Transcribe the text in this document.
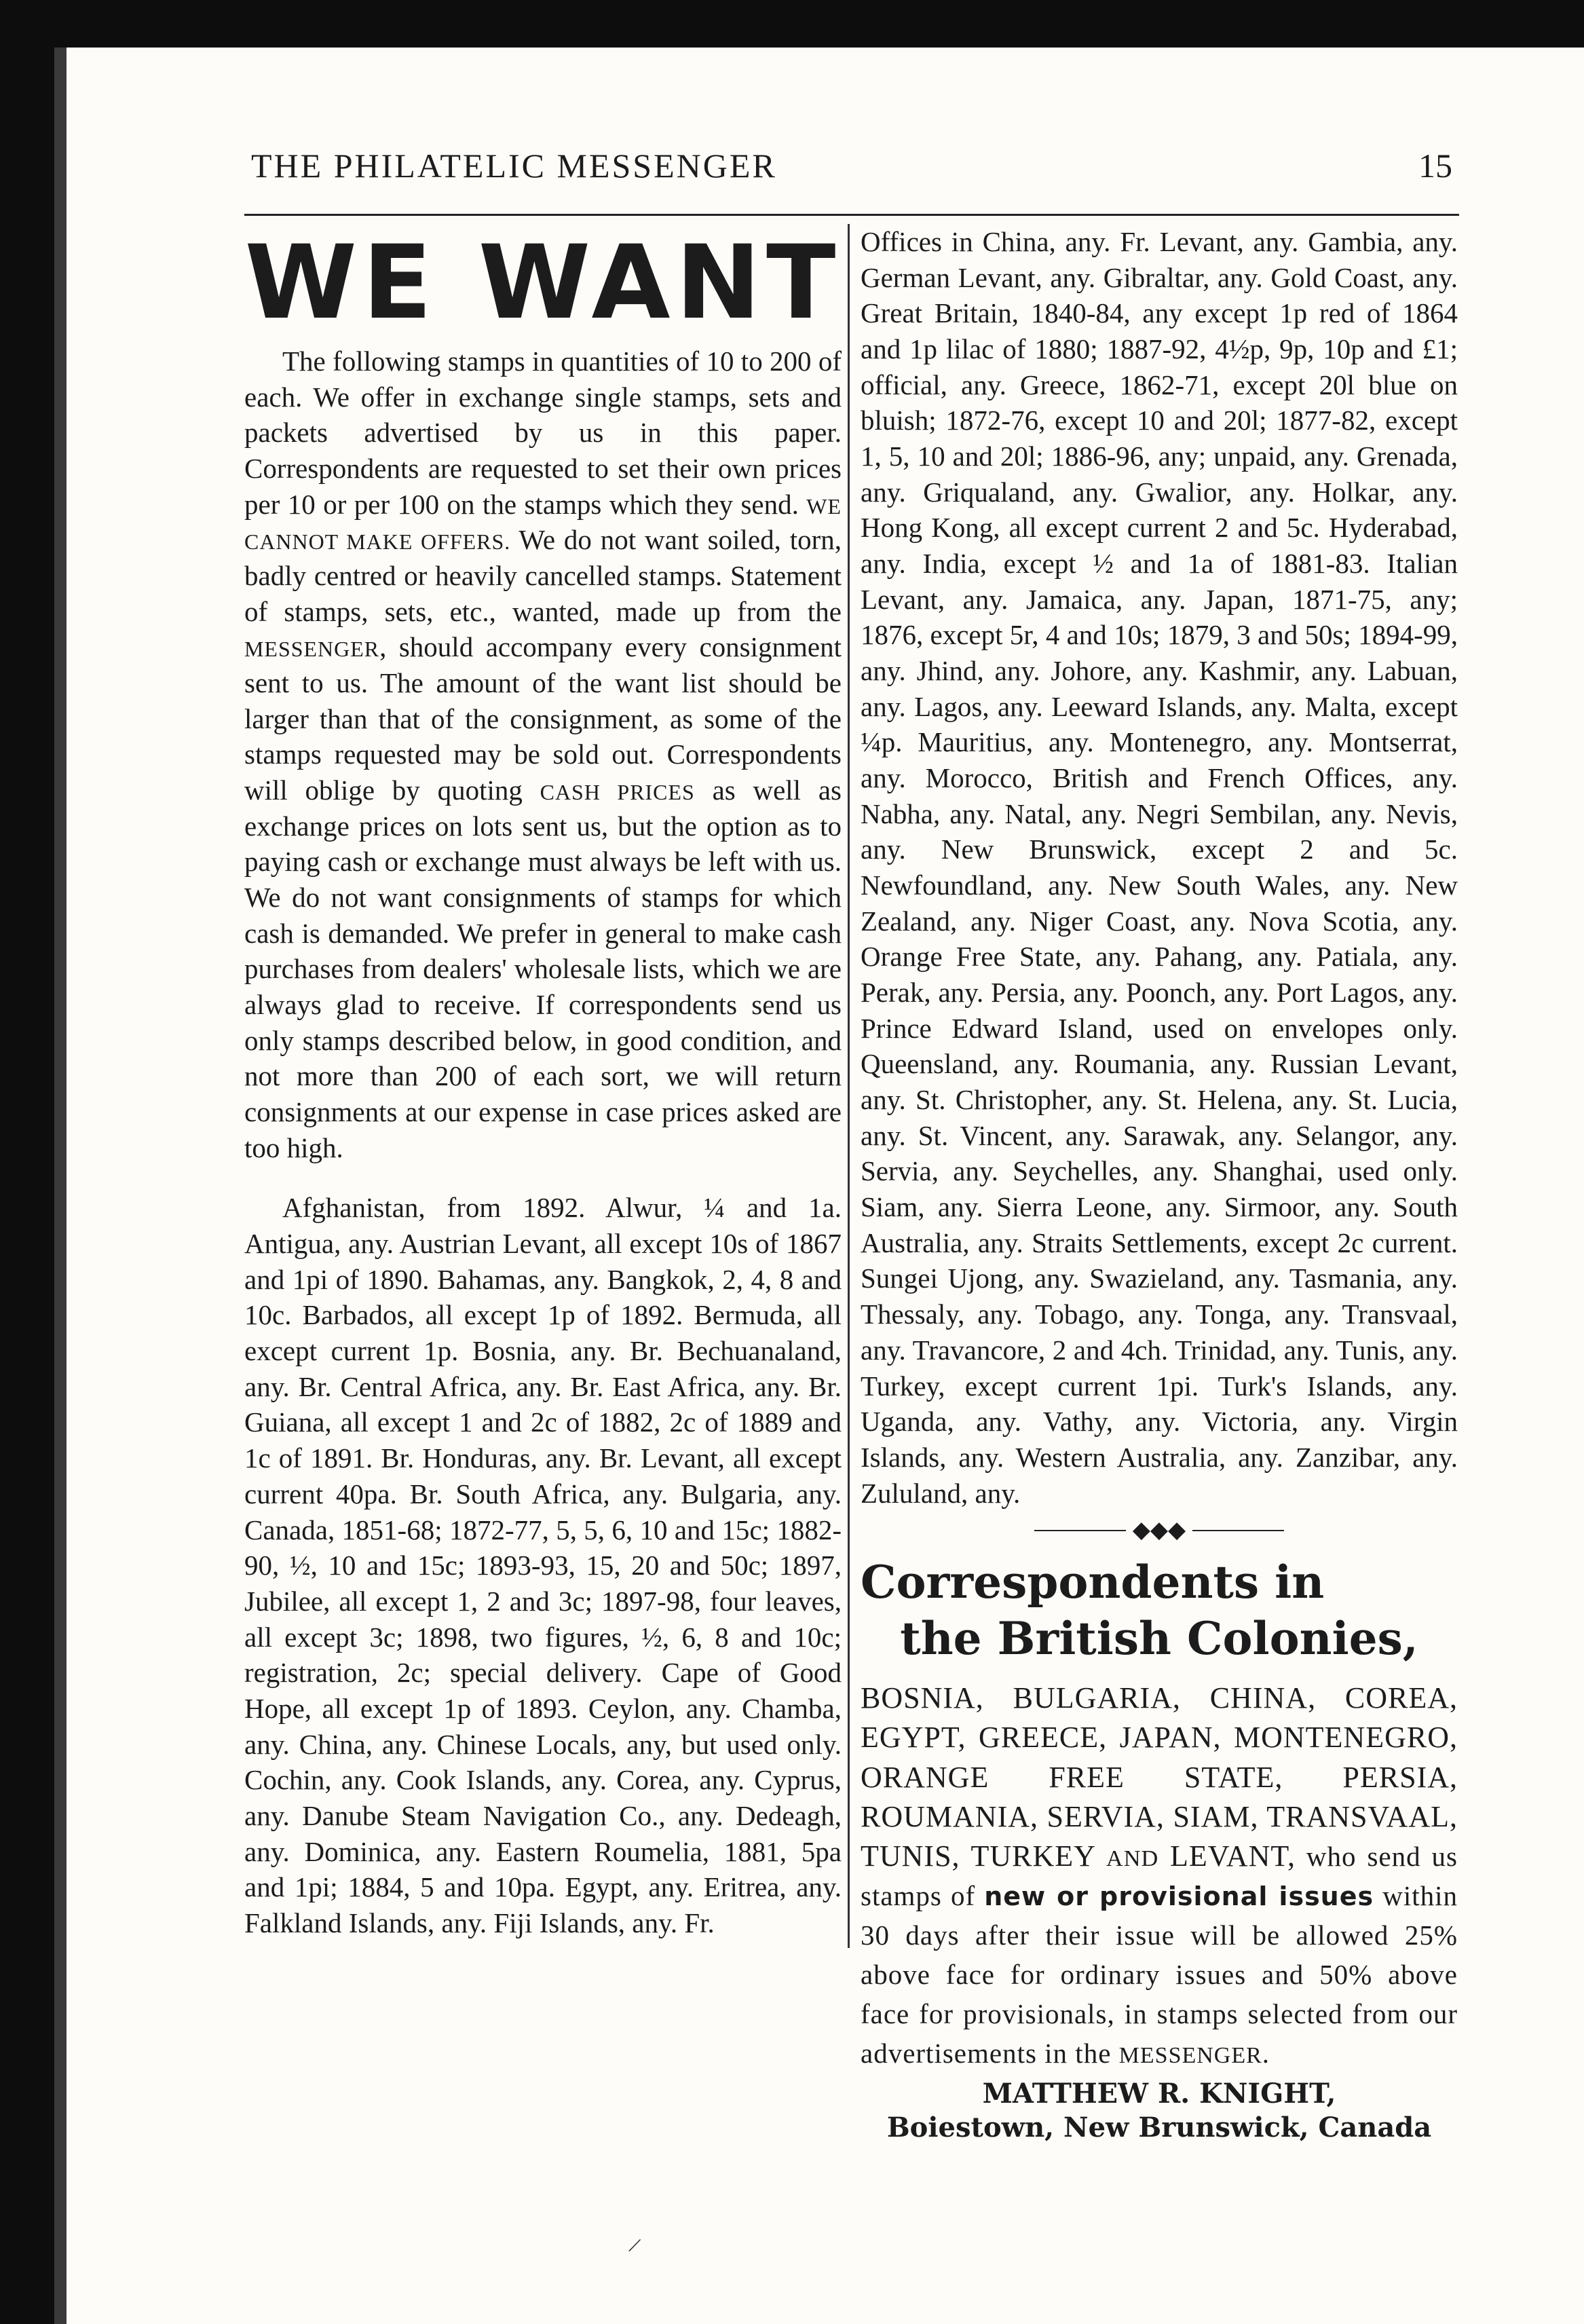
THE PHILATELIC MESSENGER	15
WE WANT

The following stamps in quantities of 10 to 200 of each. We offer in exchange single stamps, sets and packets advertised by us in this paper. Correspondents are requested to set their own prices per 10 or per 100 on the stamps which they send. WE CANNOT MAKE OFFERS. We do not want soiled, torn, badly centred or heavily cancelled stamps. Statement of stamps, sets, etc., wanted, made up from the MESSENGER, should accompany every consignment sent to us. The amount of the want list should be larger than that of the consignment, as some of the stamps requested may be sold out. Correspondents will oblige by quoting CASH PRICES as well as exchange prices on lots sent us, but the option as to paying cash or exchange must always be left with us. We do not want consignments of stamps for which cash is demanded. We prefer in general to make cash purchases from dealers' wholesale lists, which we are always glad to receive. If correspondents send us only stamps described below, in good condition, and not more than 200 of each sort, we will return consignments at our expense in case prices asked are too high.

Afghanistan, from 1892. Alwur, ¼ and 1a. Antigua, any. Austrian Levant, all except 10s of 1867 and 1pi of 1890. Bahamas, any. Bangkok, 2, 4, 8 and 10c. Barbados, all except 1p of 1892. Bermuda, all except current 1p. Bosnia, any. Br. Bechuanaland, any. Br. Central Africa, any. Br. East Africa, any. Br. Guiana, all except 1 and 2c of 1882, 2c of 1889 and 1c of 1891. Br. Honduras, any. Br. Levant, all except current 40pa. Br. South Africa, any. Bulgaria, any. Canada, 1851-68; 1872-77, 5, 5, 6, 10 and 15c; 1882-90, ½, 10 and 15c; 1893-93, 15, 20 and 50c; 1897, Jubilee, all except 1, 2 and 3c; 1897-98, four leaves, all except 3c; 1898, two figures, ½, 6, 8 and 10c; registration, 2c; special delivery. Cape of Good Hope, all except 1p of 1893. Ceylon, any. Chamba, any. China, any. Chinese Locals, any, but used only. Cochin, any. Cook Islands, any. Corea, any. Cyprus, any. Danube Steam Navigation Co., any. Dedeagh, any. Dominica, any. Eastern Roumelia, 1881, 5pa and 1pi; 1884, 5 and 10pa. Egypt, any. Eritrea, any. Falkland Islands, any. Fiji Islands, any. Fr.

Offices in China, any. Fr. Levant, any. Gambia, any. German Levant, any. Gibraltar, any. Gold Coast, any. Great Britain, 1840-84, any except 1p red of 1864 and 1p lilac of 1880; 1887-92, 4½p, 9p, 10p and £1; official, any. Greece, 1862-71, except 20l blue on bluish; 1872-76, except 10 and 20l; 1877-82, except 1, 5, 10 and 20l; 1886-96, any; unpaid, any. Grenada, any. Griqualand, any. Gwalior, any. Holkar, any. Hong Kong, all except current 2 and 5c. Hyderabad, any. India, except ½ and 1a of 1881-83. Italian Levant, any. Jamaica, any. Japan, 1871-75, any; 1876, except 5r, 4 and 10s; 1879, 3 and 50s; 1894-99, any. Jhind, any. Johore, any. Kashmir, any. Labuan, any. Lagos, any. Leeward Islands, any. Malta, except ¼p. Mauritius, any. Montenegro, any. Montserrat, any. Morocco, British and French Offices, any. Nabha, any. Natal, any. Negri Sembilan, any. Nevis, any. New Brunswick, except 2 and 5c. Newfoundland, any. New South Wales, any. New Zealand, any. Niger Coast, any. Nova Scotia, any. Orange Free State, any. Pahang, any. Patiala, any. Perak, any. Persia, any. Poonch, any. Port Lagos, any. Prince Edward Island, used on envelopes only. Queensland, any. Roumania, any. Russian Levant, any. St. Christopher, any. St. Helena, any. St. Lucia, any. St. Vincent, any. Sarawak, any. Selangor, any. Servia, any. Seychelles, any. Shanghai, used only. Siam, any. Sierra Leone, any. Sirmoor, any. South Australia, any. Straits Settlements, except 2c current. Sungei Ujong, any. Swazieland, any. Tasmania, any. Thessaly, any. Tobago, any. Tonga, any. Transvaal, any. Travancore, 2 and 4ch. Trinidad, any. Tunis, any. Turkey, except current 1pi. Turk's Islands, any. Uganda, any. Vathy, any. Victoria, any. Virgin Islands, any. Western Australia, any. Zanzibar, any. Zululand, any.

◆◆◆

Correspondents in

the British Colonies,

BOSNIA, BULGARIA, CHINA, COREA, EGYPT, GREECE, JAPAN, MONTENEGRO, ORANGE FREE STATE, PERSIA, ROUMANIA, SERVIA, SIAM, TRANSVAAL, TUNIS, TURKEY AND LEVANT, who send us stamps of new or provisional issues within 30 days after their issue will be allowed 25% above face for ordinary issues and 50% above face for provisionals, in stamps selected from our advertisements in the MESSENGER.

MATTHEW R. KNIGHT,
Boiestown, New Brunswick, Canada
/
